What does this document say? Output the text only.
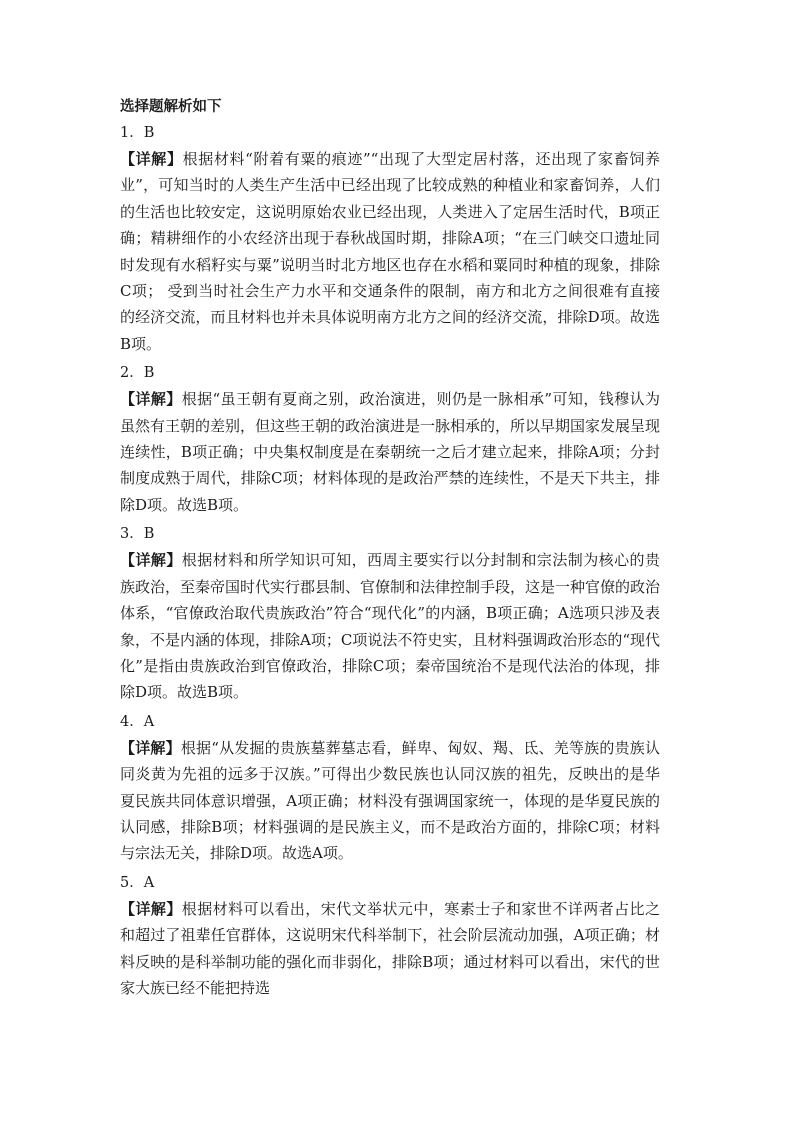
选择题解析如下

1．B

【详解】根据材料“附着有粟的痕迹”“出现了大型定居村落，还出现了家畜饲养业”，可知当时的人类生产生活中已经出现了比较成熟的种植业和家畜饲养，人们的生活也比较安定，这说明原始农业已经出现，人类进入了定居生活时代，B项正确；精耕细作的小农经济出现于春秋战国时期，排除A项；“在三门峡交口遗址同时发现有水稻籽实与粟”说明当时北方地区也存在水稻和粟同时种植的现象，排除C项； 受到当时社会生产力水平和交通条件的限制，南方和北方之间很难有直接的经济交流，而且材料也并未具体说明南方北方之间的经济交流，排除D项。故选B项。

2．B

【详解】根据“虽王朝有夏商之别，政治演进，则仍是一脉相承”可知，钱穆认为虽然有王朝的差别，但这些王朝的政治演进是一脉相承的，所以早期国家发展呈现连续性，B项正确；中央集权制度是在秦朝统一之后才建立起来，排除A项；分封制度成熟于周代，排除C项；材料体现的是政治严禁的连续性，不是天下共主，排除D项。故选B项。

3．B

【详解】根据材料和所学知识可知，西周主要实行以分封制和宗法制为核心的贵族政治，至秦帝国时代实行郡县制、官僚制和法律控制手段，这是一种官僚的政治体系，“官僚政治取代贵族政治”符合“现代化”的内涵，B项正确；A选项只涉及表象，不是内涵的体现，排除A项；C项说法不符史实，且材料强调政治形态的“现代化”是指由贵族政治到官僚政治，排除C项；秦帝国统治不是现代法治的体现，排除D项。故选B项。

4．A

【详解】根据“从发掘的贵族墓葬墓志看，鲜卑、匈奴、羯、氐、羌等族的贵族认同炎黄为先祖的远多于汉族。”可得出少数民族也认同汉族的祖先，反映出的是华夏民族共同体意识增强，A项正确；材料没有强调国家统一，体现的是华夏民族的认同感，排除B项；材料强调的是民族主义，而不是政治方面的，排除C项；材料与宗法无关，排除D项。故选A项。

5．A

【详解】根据材料可以看出，宋代文举状元中，寒素士子和家世不详两者占比之和超过了祖辈任官群体，这说明宋代科举制下，社会阶层流动加强，A项正确；材料反映的是科举制功能的强化而非弱化，排除B项；通过材料可以看出，宋代的世家大族已经不能把持选
